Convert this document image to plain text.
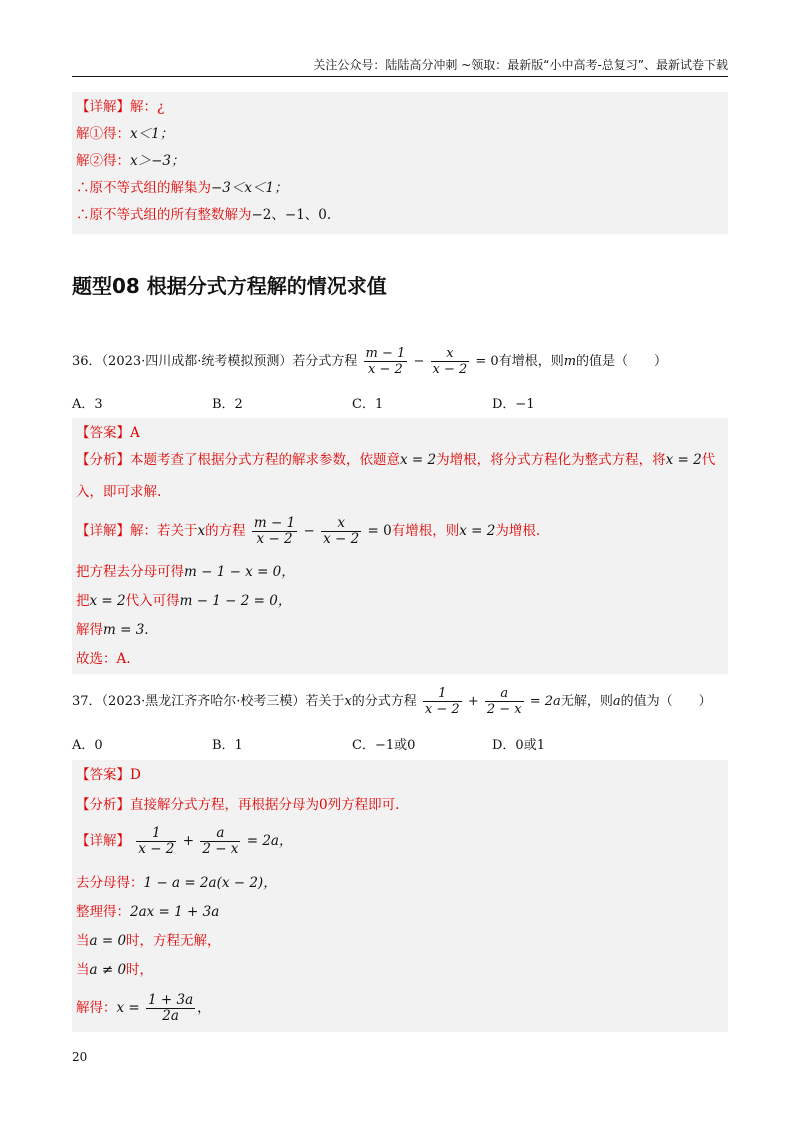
关注公众号：陆陆高分冲刺 ~领取：最新版“小中高考-总复习”、最新试卷下载
【详解】解：¿
解①得：x＜1；
解②得：x＞−3；
∴原不等式组的解集为−3＜x＜1；
∴原不等式组的所有整数解为−2、−1、0.
题型08 根据分式方程解的情况求值
36．（2023·四川成都·统考模拟预测）若分式方程 $\frac{m - 1}{x - 2} - \frac{x}{x - 2} = 0$有增根，则m的值是（　　）
A．3	B．2	C．1	D．−1
【答案】A
【分析】本题考查了根据分式方程的解求参数，依题意x = 2为增根，将分式方程化为整式方程，将x = 2代
入，即可求解.
【详解】解：若关于x的方程 $\frac{m - 1}{x - 2} - \frac{x}{x - 2} = 0$有增根，则x = 2为增根.
把方程去分母可得m − 1 − x = 0，
把x = 2代入可得m − 1 − 2 = 0，
解得m = 3.
故选：A.
37．（2023·黑龙江齐齐哈尔·校考三模）若关于x的分式方程 $\frac{1}{x - 2} + \frac{a}{2 - x} = 2a$无解，则a的值为（　　）
A．0	B．1	C．−1或0	D．0或1
【答案】D
【分析】直接解分式方程，再根据分母为0列方程即可.
【详解】 $\frac{1}{x - 2} + \frac{a}{2 - x} = 2a$，
去分母得：1 − a = 2a(x − 2)，
整理得：2ax = 1 + 3a
当a = 0时，方程无解，
当a ≠ 0时，
解得：$x = \frac{1 + 3a}{2a}$ ，
20
